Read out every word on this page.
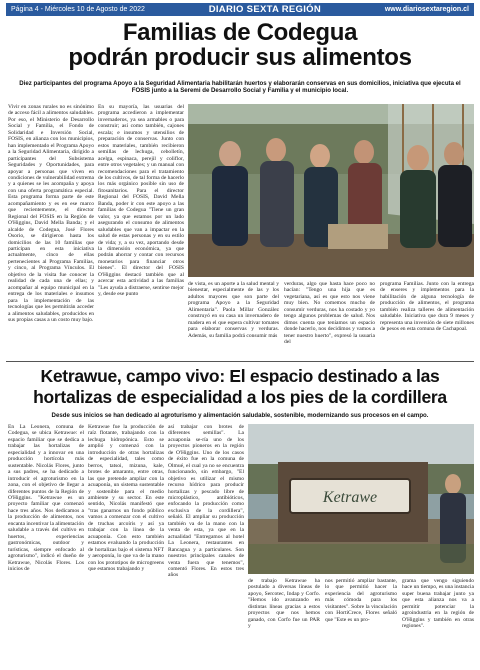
Página 4 - Miércoles 10 de Agosto de 2022	DIARIO SEXTA REGIÓN	www.diariosextaregion.cl
Familias de Codegua
podrán producir sus alimentos
Diez participantes del programa Apoyo a la Seguridad Alimentaria habilitarán huertos y elaborarán conservas en sus domicilios, iniciativa que ejecuta el FOSIS junto a la Seremi de Desarrollo Social y Familia y el municipio local.
Vivir en zonas rurales no es sinónimo de acceso fácil a alimentos saludables. Por eso, el Ministerio de Desarrollo Social y Familia, el Fondo de Solidaridad e Inversión Social, FOSIS, en alianza con los municipios, han implementado el Programa Apoyo a la Seguridad Alimentaria, dirigido a participantes del Subsistema Seguridades y Oportunidades, para apoyar a personas que viven en condiciones de vulnerabilidad extrema y a quienes se les acompaña y apoya con una oferta programática especial. Esta programa forma parte de este acompañamiento y es en ese marco que recientemente, el director Regional del FOSIS en la Región de O'Higgins, David Mella Banda; y el alcalde de Codegua, José Flores Osorio, se dirigieron hasta los domicilios de las 10 familias que participan en esta iniciativa actualmente, cinco de ellas pertenecientes al Programa Familias, y cinco, al Programa Vínculos. El objetivo de la visita fue conocer la realidad de cada una de ellas; y acompañar al equipo municipal en la entrega de los materiales e insumos para la implementación de las tecnologías que les permitirán acceder a alimentos saludables, producidos en sus propias casas a un costo muy bajo.
En su mayoría, las usuarias del programa accedieron a implementar invernaderos, ya sea armables o para construir; así como también, cajones escala; e insumos y utensilios de preparación de conservas. Junto con estos materiales, también recibieron semillas de lechuga, cebolletín, acelga, espinaca, perejil y coliflor, entre otros vegetales; y un manual con recomendaciones para el tratamiento de los cultivos, de tal forma de hacerlo los más orgánico posible sin uso de fitosanitarios. Para el director Regional del FOSIS, David Mella Banda, poder ir con este apoyo a las familias de Codegua "Tiene un gran valor, ya que estamos por un lado asegurando el consumo de alimentos saludables que van a impactar en la salud de estas personas y en su estilo de vida; y, a su vez, aportando desde la dimensión económica, ya que podrán ahorrar y contar con recursos monetarios para financiar otros bienes". El director del FOSIS O'Higgins destacó también que al acercar esta actividad a las familias "Les ayuda a distraerse, sentirse mejor y, desde ese punto
de vista, es un aporte a la salud mental y bienestar, especialmente de las y los adultos mayores que son parte del programa Apoyo a la Seguridad Alimentaria". Paola Millar González construyó en su casa un invernadero de madera en el que espera cultivar tomates para elaborar conservas y verduras. Además, su familia podrá consumir más
verduras, algo que hasta hace poco no hacían: "Tengo una hija que es vegetariana, así es que esto nos viene muy bien. No comemos mucho de consumir verduras, nos ha costado y yo tengo algunos problemas de salud. Nos dimos cuenta que teníamos un espacio donde hacerlo, nos decidimos y vamos a tener nuestro huerto", expresó la usuaria del
programa Familias. Junto con la entrega de enseres y implementos para la habilitación de alguna tecnología de producción de alimentos, el programa también realiza talleres de alimentación saludable. Iniciativa que dura 9 meses y representa una inversión de siete millones de pesos en esta comuna de Cachapoal.
Ketrawue, campo vivo: El espacio destinado a las
hortalizas de especialidad a los pies de la cordillera
Desde sus inicios se han dedicado al agroturismo y alimentación saludable, sostenible, modernizando sus procesos en el campo.
En La Leonera, comuna de Codegua, se ubica Ketrawue: el espacio familiar que se dedica a trabajar las hortalizas de especialidad y a innovar en una producción hortícola más sustentable. Nicolás Flores, junto a sus padres, se ha dedicado a introducir el agroturismo en la zona, con el objetivo de llegar a diferentes puntos de la Región de O'Higgins. "Ketrawue es un proyecto familiar que comenzó hace tres años. Nos dedicamos a la producción de alimentos, nos encanta incentivar la alimentación saludable a través del cultivo en huertos, experiencias gastronómicas, outdoor y turísticas, siempre enfocado al agroturismo", indicó el dueño de Ketrawue, Nicolás Flores. Los inicios de
Ketrawue fue la producción de raíz flotante, trabajando con la lechuga hidropónica. Esto se amplió y comenzó con la introducción de otras hortalizas de especialidad, tales como berros, tatsoi, mizuna, kale, brotes de amaranto, entre otras, las que pretende ampliar con la acuaponía, un sistema sustentable y sostenible para el medio ambiente y su sector. En este sentido, Nicolás manifestó que "tras ganarnos un fondo público vamos a comenzar con el cultivo de truchas arcoíris y así ya trabajar con la línea de la acuaponía. Con esto también estamos evaluando la producción de hortalizas bajo el sistema NFT y aeroponía, lo que va de la mano con los prototipos de microgreens que estamos trabajando y
así trabajar con brotes de diferentes semillas". La acuaponía se-ría uno de los proyectos pioneros en la región de O'Higgins. Uno de los casos de éxito fue en la comuna de Olmué, el cual ya no se encuentra funcionando, sin embargo, "El objetivo es utilizar el mismo recurso hídrico para producir hortalizas y pescado libre de microplástico, antibióticos, enfocando la producción como exclusiva de la cordillera", señaló. El ampliar su producción también va de la mano con la venta de esta, ya que en la actualidad "Entregamos al hotel La Leonera, restaurantes en Rancagua y a particulares. Son nuestros principales canales de venta fuera que tenemos", comentó Flores. En estos tres años
Ketrawe
de trabajo Ketrawue ha postulado a diversas líneas de apoyo, Sercotec, Indap y Corfo. "Hemos ido avanzando en distintas líneas gracias a estos proyectos que nos hemos ganado, con Corfo fue un PAR y
nos permitió ampliar bastante, lo que permitió hacer la experiencia del agroturismo más cómoda para los visitantes". Sobre la vinculación con HortiCrece, Flores señaló que "Este es un pro-
grama que vengo siguiendo hace un tiempo, es una instancia super buena trabajar junto ya que esta alianza nos va a permitir potenciar la agroindustria en la región de O'Higgins y también en otras regiones".
